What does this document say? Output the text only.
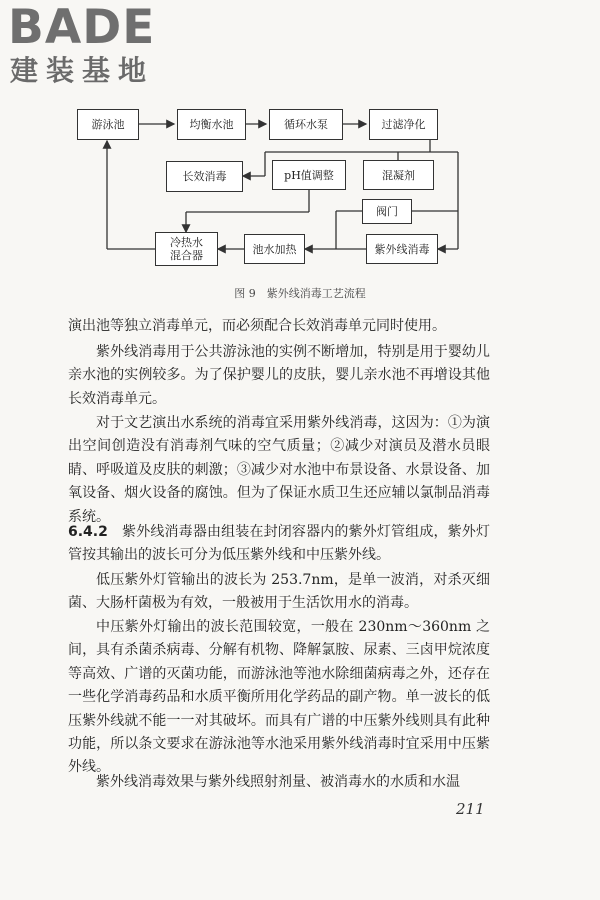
BADE
建装基地
游泳池	均衡水池	循环水泵	过滤净化
长效消毒	pH值调整	混凝剂
阀门
冷热水
混合器	池水加热	紫外线消毒
图 9　紫外线消毒工艺流程

演出池等独立消毒单元，而必须配合长效消毒单元同时使用。

紫外线消毒用于公共游泳池的实例不断增加，特别是用于婴幼儿亲水池的实例较多。为了保护婴儿的皮肤，婴儿亲水池不再增设其他长效消毒单元。

对于文艺演出水系统的消毒宜采用紫外线消毒，这因为：①为演出空间创造没有消毒剂气味的空气质量；②减少对演员及潜水员眼睛、呼吸道及皮肤的刺激；③减少对水池中布景设备、水景设备、加氧设备、烟火设备的腐蚀。但为了保证水质卫生还应辅以氯制品消毒系统。

6.4.2 紫外线消毒器由组装在封闭容器内的紫外灯管组成，紫外灯管按其输出的波长可分为低压紫外线和中压紫外线。

低压紫外灯管输出的波长为 253.7nm，是单一波消，对杀灭细菌、大肠杆菌极为有效，一般被用于生活饮用水的消毒。

中压紫外灯输出的波长范围较宽，一般在 230nm～360nm 之间，具有杀菌杀病毒、分解有机物、降解氯胺、尿素、三卤甲烷浓度等高效、广谱的灭菌功能，而游泳池等池水除细菌病毒之外，还存在一些化学消毒药品和水质平衡所用化学药品的副产物。单一波长的低压紫外线就不能一一对其破坏。而具有广谱的中压紫外线则具有此种功能，所以条文要求在游泳池等水池采用紫外线消毒时宜采用中压紫外线。

紫外线消毒效果与紫外线照射剂量、被消毒水的水质和水温

211
